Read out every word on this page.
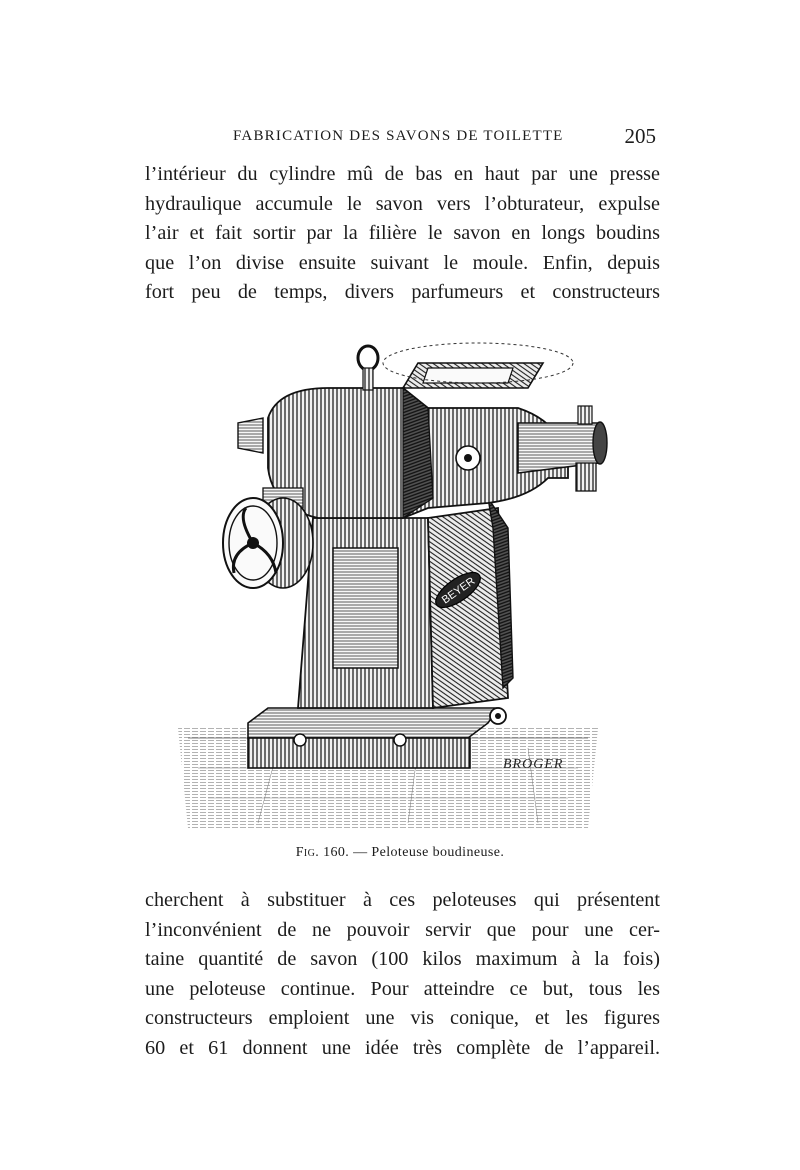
FABRICATION DES SAVONS DE TOILETTE	205
l’intérieur du cylindre mû de bas en haut par une presse
hydraulique accumule le savon vers l’obturateur, expulse
l’air et fait sortir par la filière le savon en longs boudins
que l’on divise ensuite suivant le moule. Enfin, depuis
fort peu de temps, divers parfumeurs et constructeurs
BEYER
BROGER
Fig. 160. — Peloteuse boudineuse.
cherchent à substituer à ces peloteuses qui présentent
l’inconvénient de ne pouvoir servir que pour une cer-
taine quantité de savon (100 kilos maximum à la fois)
une peloteuse continue. Pour atteindre ce but, tous les
constructeurs emploient une vis conique, et les figures
60 et 61 donnent une idée très complète de l’appareil.
